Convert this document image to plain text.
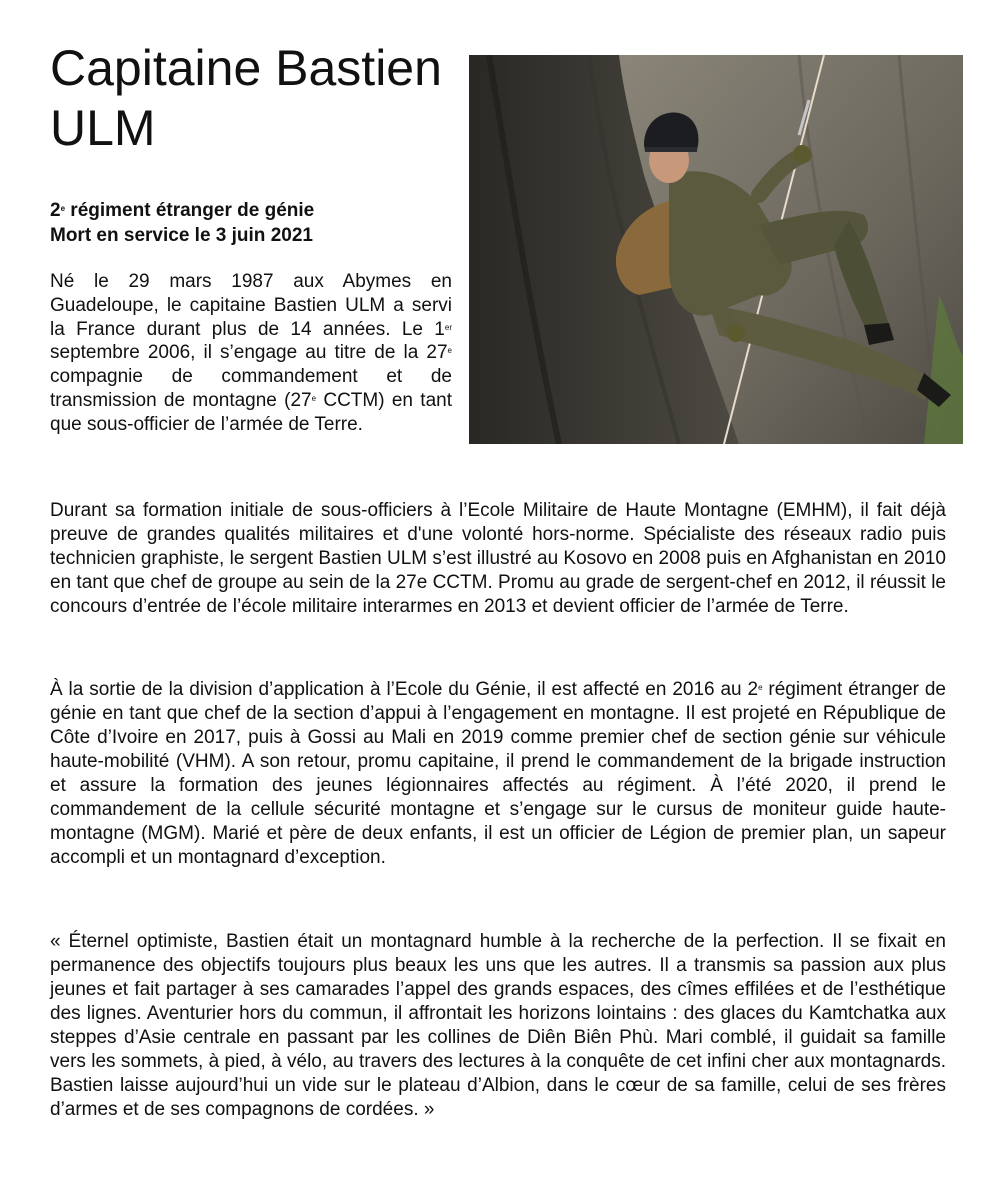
Capitaine Bastien ULM
2e régiment étranger de génie
Mort en service le 3 juin 2021

Né le 29 mars 1987 aux Abymes en Guadeloupe, le capitaine Bastien ULM a servi la France durant plus de 14 années. Le 1er septembre 2006, il s’engage au titre de la 27e compagnie de commandement et de transmission de montagne (27e CCTM) en tant que sous-officier de l’armée de Terre.

Durant sa formation initiale de sous-officiers à l’Ecole Militaire de Haute Montagne (EMHM), il fait déjà preuve de grandes qualités militaires et d'une volonté hors-norme. Spécialiste des réseaux radio puis technicien graphiste, le sergent Bastien ULM s’est illustré au Kosovo en 2008 puis en Afghanistan en 2010 en tant que chef de groupe au sein de la 27e CCTM. Promu au grade de sergent-chef en 2012, il réussit le concours d’entrée de l’école militaire interarmes en 2013 et devient officier de l’armée de Terre.

À la sortie de la division d’application à l’Ecole du Génie, il est affecté en 2016 au 2e régiment étranger de génie en tant que chef de la section d’appui à l’engagement en montagne. Il est projeté en République de Côte d’Ivoire en 2017, puis à Gossi au Mali en 2019 comme premier chef de section génie sur véhicule haute-mobilité (VHM). A son retour, promu capitaine, il prend le commandement de la brigade instruction et assure la formation des jeunes légionnaires affectés au régiment. À l’été 2020, il prend le commandement de la cellule sécurité montagne et s’engage sur le cursus de moniteur guide haute-montagne (MGM). Marié et père de deux enfants, il est un officier de Légion de premier plan, un sapeur accompli et un montagnard d’exception.

« Éternel optimiste, Bastien était un montagnard humble à la recherche de la perfection. Il se fixait en permanence des objectifs toujours plus beaux les uns que les autres. Il a transmis sa passion aux plus jeunes et fait partager à ses camarades l’appel des grands espaces, des cîmes effilées et de l’esthétique des lignes. Aventurier hors du commun, il affrontait les horizons lointains : des glaces du Kamtchatka aux steppes d’Asie centrale en passant par les collines de Diên Biên Phù. Mari comblé, il guidait sa famille vers les sommets, à pied, à vélo, au travers des lectures à la conquête de cet infini cher aux montagnards. Bastien laisse aujourd’hui un vide sur le plateau d’Albion, dans le cœur de sa famille, celui de ses frères d’armes et de ses compagnons de cordées. »
